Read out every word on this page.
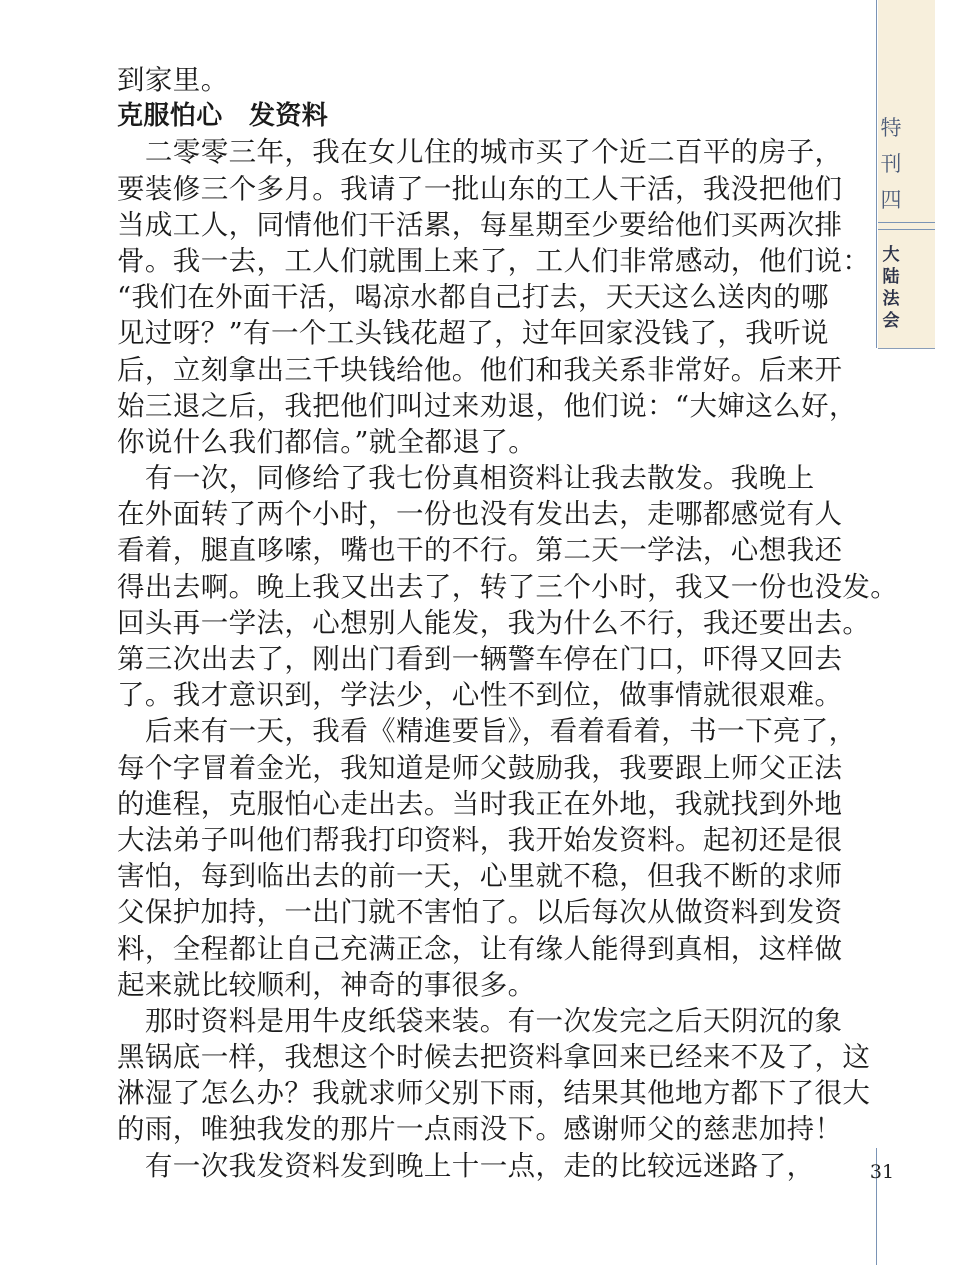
特
刊
四
大
陆
法
会
到家里。
克服怕心　发资料
　二零零三年，我在女儿住的城市买了个近二百平的房子，
要装修三个多月。我请了一批山东的工人干活，我没把他们
当成工人，同情他们干活累，每星期至少要给他们买两次排
骨。我一去，工人们就围上来了，工人们非常感动，他们说：
“我们在外面干活，喝凉水都自己打去，天天这么送肉的哪
见过呀？”有一个工头钱花超了，过年回家没钱了，我听说
后，立刻拿出三千块钱给他。他们和我关系非常好。后来开
始三退之后，我把他们叫过来劝退，他们说：“大婶这么好，
你说什么我们都信。”就全都退了。
　有一次，同修给了我七份真相资料让我去散发。我晚上
在外面转了两个小时，一份也没有发出去，走哪都感觉有人
看着，腿直哆嗦，嘴也干的不行。第二天一学法，心想我还
得出去啊。晚上我又出去了，转了三个小时，我又一份也没发。
回头再一学法，心想别人能发，我为什么不行，我还要出去。
第三次出去了，刚出门看到一辆警车停在门口，吓得又回去
了。我才意识到，学法少，心性不到位，做事情就很艰难。
　后来有一天，我看《精進要旨》，看着看着，书一下亮了，
每个字冒着金光，我知道是师父鼓励我，我要跟上师父正法
的進程，克服怕心走出去。当时我正在外地，我就找到外地
大法弟子叫他们帮我打印资料，我开始发资料。起初还是很
害怕，每到临出去的前一天，心里就不稳，但我不断的求师
父保护加持，一出门就不害怕了。以后每次从做资料到发资
料，全程都让自己充满正念，让有缘人能得到真相，这样做
起来就比较顺利，神奇的事很多。
　那时资料是用牛皮纸袋来装。有一次发完之后天阴沉的象
黑锅底一样，我想这个时候去把资料拿回来已经来不及了，这
淋湿了怎么办？我就求师父别下雨，结果其他地方都下了很大
的雨，唯独我发的那片一点雨没下。感谢师父的慈悲加持！
　有一次我发资料发到晚上十一点，走的比较远迷路了，	31
